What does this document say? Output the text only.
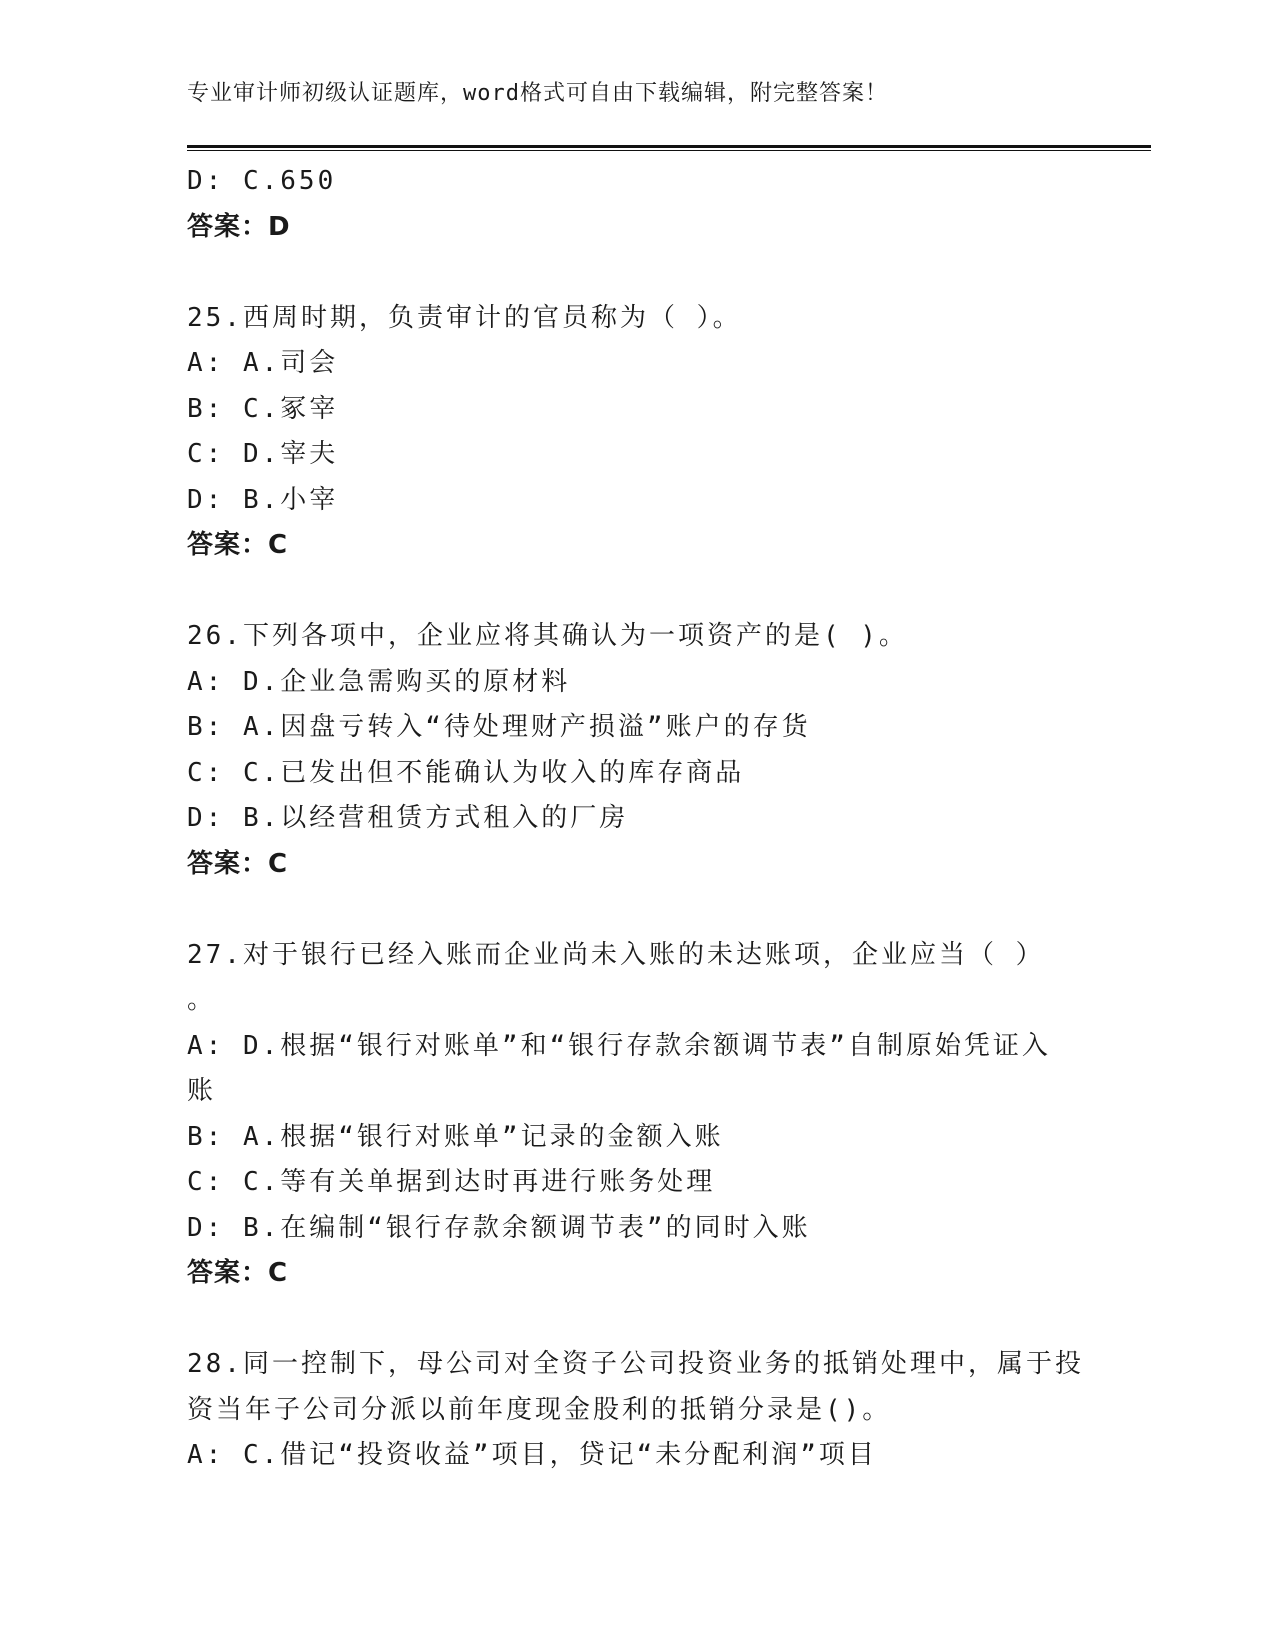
专业审计师初级认证题库，word格式可自由下载编辑，附完整答案！
D: C.650
答案：D
25.西周时期，负责审计的官员称为（ ）。
A: A.司会
B: C.冢宰
C: D.宰夫
D: B.小宰
答案：C
26.下列各项中，企业应将其确认为一项资产的是( )。
A: D.企业急需购买的原材料
B: A.因盘亏转入“待处理财产损溢”账户的存货
C: C.已发出但不能确认为收入的库存商品
D: B.以经营租赁方式租入的厂房
答案：C
27.对于银行已经入账而企业尚未入账的未达账项，企业应当（ ）
。
A: D.根据“银行对账单”和“银行存款余额调节表”自制原始凭证入
账
B: A.根据“银行对账单”记录的金额入账
C: C.等有关单据到达时再进行账务处理
D: B.在编制“银行存款余额调节表”的同时入账
答案：C
28.同一控制下，母公司对全资子公司投资业务的抵销处理中，属于投
资当年子公司分派以前年度现金股利的抵销分录是()。
A: C.借记“投资收益”项目，贷记“未分配利润”项目
